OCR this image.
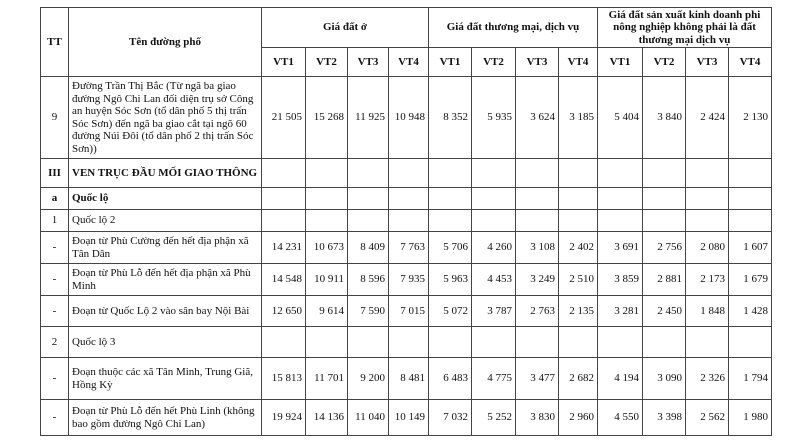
TT	Tên đường phố	Giá đất ở				Giá đất thương mại, dịch vụ				Giá đất sản xuất kinh doanh phi nông nghiệp không phải là đất thương mại dịch vụ			
		VT1	VT2	VT3	VT4	VT1	VT2	VT3	VT4	VT1	VT2	VT3	VT4
9	Đường Trần Thị Bắc (Từ ngã ba giao đường Ngô Chi Lan đối diện trụ sở Công an huyện Sóc Sơn (tổ dân phố 5 thị trấn Sóc Sơn) đến ngã ba giao cắt tại ngõ 60 đường Núi Đôi (tổ dân phố 2 thị trấn Sóc Sơn))	21 505	15 268	11 925	10 948	8 352	5 935	3 624	3 185	5 404	3 840	2 424	2 130
III	VEN TRỤC ĐẦU MỐI GIAO THÔNG												
a	Quốc lộ												
1	Quốc lộ 2												
-	Đoạn từ Phù Cường đến hết địa phận xã Tân Dân	14 231	10 673	8 409	7 763	5 706	4 260	3 108	2 402	3 691	2 756	2 080	1 607
-	Đoạn từ Phù Lỗ đến hết địa phận xã Phù Minh	14 548	10 911	8 596	7 935	5 963	4 453	3 249	2 510	3 859	2 881	2 173	1 679
-	Đoạn từ Quốc Lộ 2 vào sân bay Nội Bài	12 650	9 614	7 590	7 015	5 072	3 787	2 763	2 135	3 281	2 450	1 848	1 428
2	Quốc lộ 3												
-	Đoạn thuộc các xã Tân Minh, Trung Giã, Hồng Kỳ	15 813	11 701	9 200	8 481	6 483	4 775	3 477	2 682	4 194	3 090	2 326	1 794
-	Đoạn từ Phù Lỗ đến hết Phù Linh (không bao gồm đường Ngô Chi Lan)	19 924	14 136	11 040	10 149	7 032	5 252	3 830	2 960	4 550	3 398	2 562	1 980
